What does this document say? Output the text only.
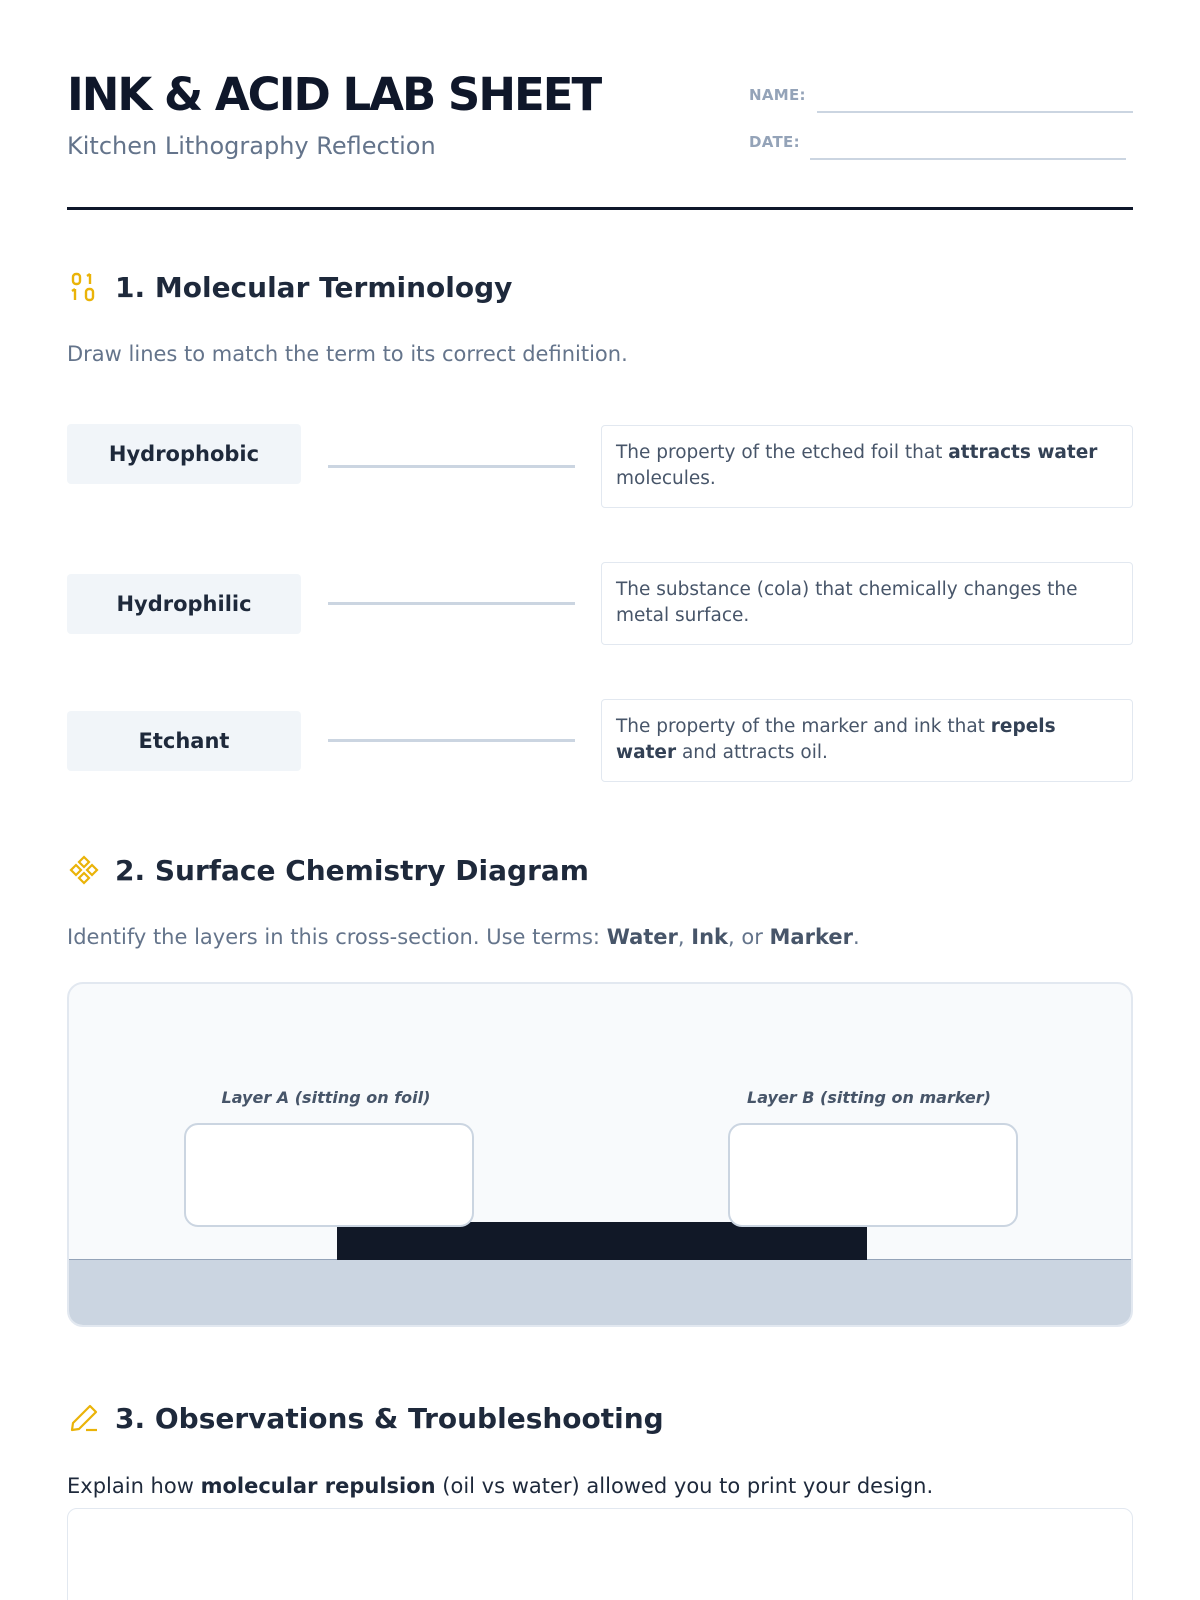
INK & ACID LAB SHEET
Kitchen Lithography Reflection
NAME:
DATE:
1. Molecular Terminology
Draw lines to match the term to its correct definition.
Hydrophobic	The property of the etched foil that attracts water molecules.
Hydrophilic
The substance (cola) that chemically changes the metal surface.
Etchant
The property of the marker and ink that repels water and attracts oil.
2. Surface Chemistry Diagram
Identify the layers in this cross-section. Use terms: Water, Ink, or Marker.
Layer A (sitting on foil)	Layer B (sitting on marker)
3. Observations & Troubleshooting
Explain how molecular repulsion (oil vs water) allowed you to print your design.
